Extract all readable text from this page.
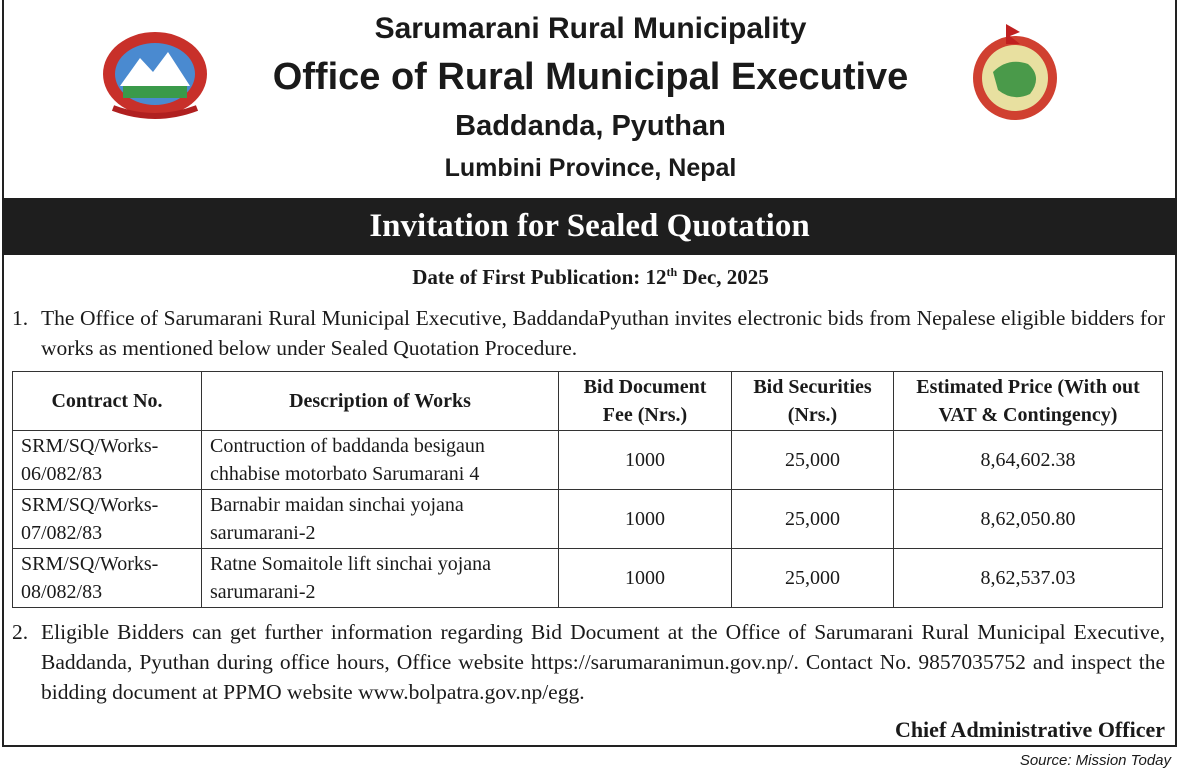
Sarumarani Rural Municipality
Office of Rural Municipal Executive
Baddanda, Pyuthan
Lumbini Province, Nepal
Invitation for Sealed Quotation
Date of First Publication: 12th Dec, 2025
1. The Office of Sarumarani Rural Municipal Executive, BaddandaPyuthan invites electronic bids from Nepalese eligible bidders for works as mentioned below under Sealed Quotation Procedure.
Contract No.	Description of Works	Bid Document Fee (Nrs.)	Bid Securities (Nrs.)	Estimated Price (With out VAT & Contingency)
SRM/SQ/Works-06/082/83	Contruction of baddanda besigaun chhabise motorbato Sarumarani 4	1000	25,000	8,64,602.38
SRM/SQ/Works-07/082/83	Barnabir maidan sinchai yojana sarumarani-2	1000	25,000	8,62,050.80
SRM/SQ/Works-08/082/83	Ratne Somaitole lift sinchai yojana sarumarani-2	1000	25,000	8,62,537.03
2. Eligible Bidders can get further information regarding Bid Document at the Office of Sarumarani Rural Municipal Executive, Baddanda, Pyuthan during office hours, Office website https://sarumaranimun.gov.np/. Contact No. 9857035752 and inspect the bidding document at PPMO website www.bolpatra.gov.np/egg.
Chief Administrative Officer
Source: Mission Today
